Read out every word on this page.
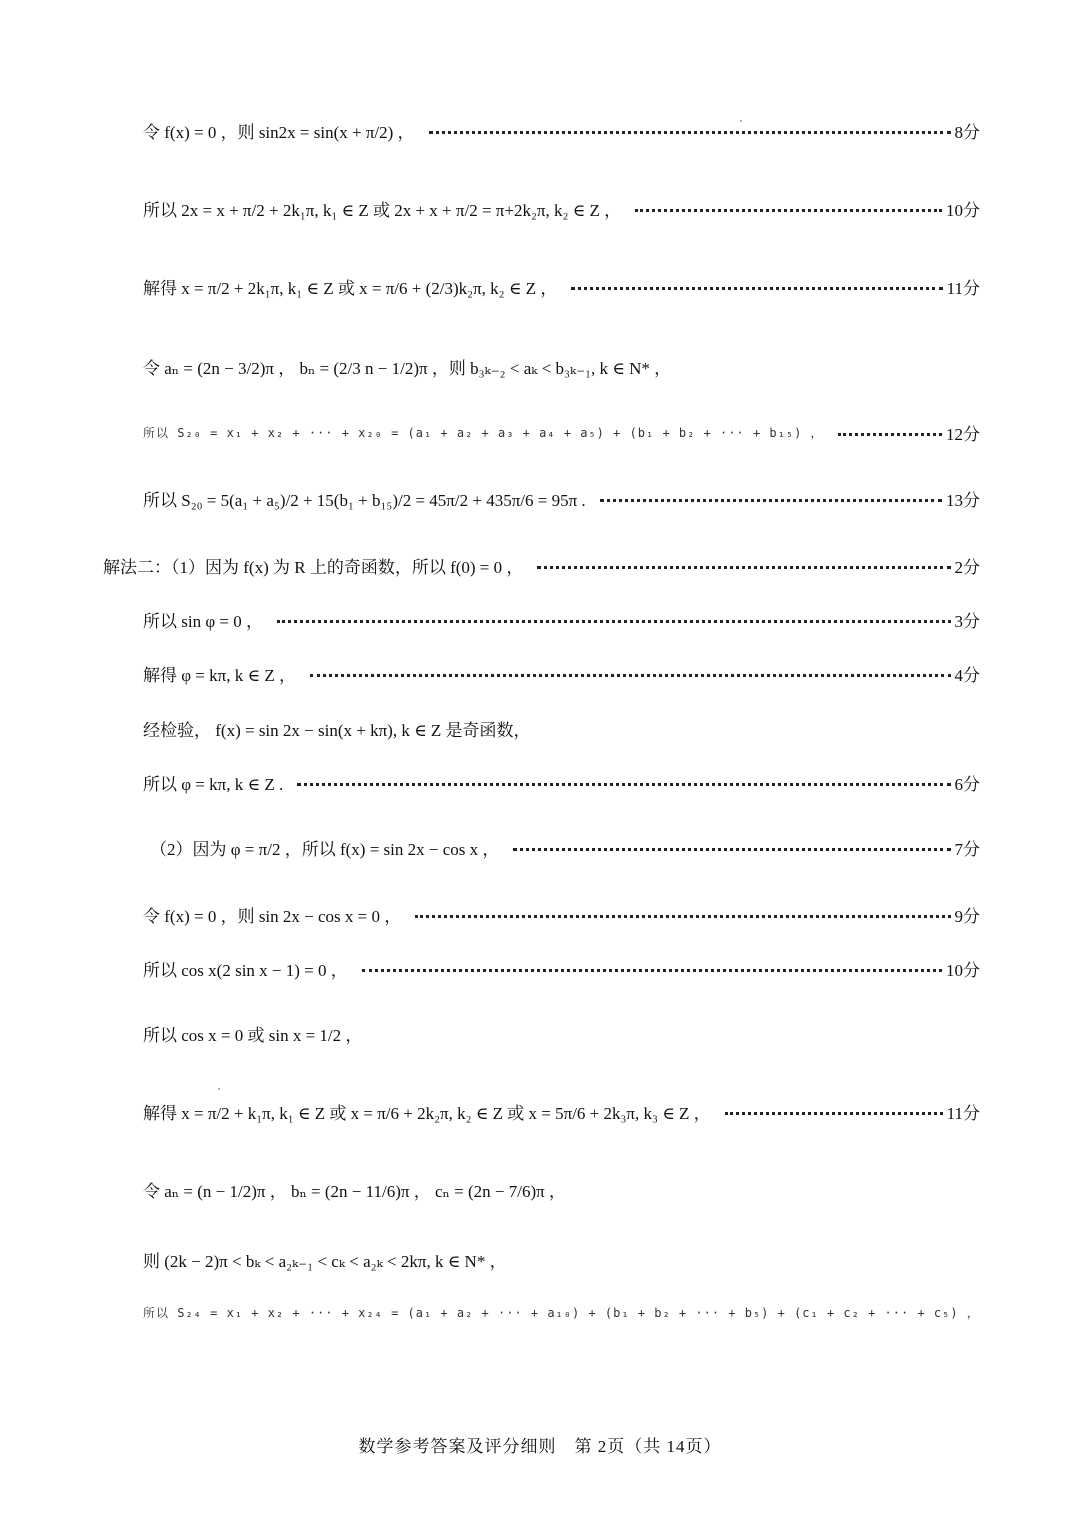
令 f(x) = 0 ，则 sin2x = sin(x + π/2) ，	8分
所以 2x = x + π/2 + 2k₁π, k₁ ∈ Z 或 2x + x + π/2 = π+2k₂π, k₂ ∈ Z ，	10分
解得 x = π/2 + 2k₁π, k₁ ∈ Z 或 x = π/6 + (2/3)k₂π, k₂ ∈ Z ，	11分
令 aₙ = (2n − 3/2)π ， bₙ = (2/3 n − 1/2)π ，则 b₃ₖ₋₂ < aₖ < b₃ₖ₋₁, k ∈ N* ，
所以 S₂₀ = x₁ + x₂ + ··· + x₂₀ = (a₁ + a₂ + a₃ + a₄ + a₅) + (b₁ + b₂ + ··· + b₁₅) ，	12分
所以 S₂₀ = 5(a₁ + a₅)/2 + 15(b₁ + b₁₅)/2 = 45π/2 + 435π/6 = 95π .	13分
解法二：（1）因为 f(x) 为 R 上的奇函数，所以 f(0) = 0 ，	2分
所以 sin φ = 0 ，	3分
解得 φ = kπ, k ∈ Z ，	4分
经检验， f(x) = sin 2x − sin(x + kπ), k ∈ Z 是奇函数，
所以 φ = kπ, k ∈ Z .	6分
（2）因为 φ = π/2 ，所以 f(x) = sin 2x − cos x ，	7分
令 f(x) = 0 ，则 sin 2x − cos x = 0 ，	9分
所以 cos x(2 sin x − 1) = 0 ，	10分
所以 cos x = 0 或 sin x = 1/2 ，
解得 x = π/2 + k₁π, k₁ ∈ Z 或 x = π/6 + 2k₂π, k₂ ∈ Z 或 x = 5π/6 + 2k₃π, k₃ ∈ Z ，	11分
令 aₙ = (n − 1/2)π ， bₙ = (2n − 11/6)π ， cₙ = (2n − 7/6)π ，
则 (2k − 2)π < bₖ < a₂ₖ₋₁ < cₖ < a₂ₖ < 2kπ, k ∈ N* ，
所以 S₂₄ = x₁ + x₂ + ··· + x₂₄ = (a₁ + a₂ + ··· + a₁₀) + (b₁ + b₂ + ··· + b₅) + (c₁ + c₂ + ··· + c₅) ，
数学参考答案及评分细则　第 2页（共 14页）
